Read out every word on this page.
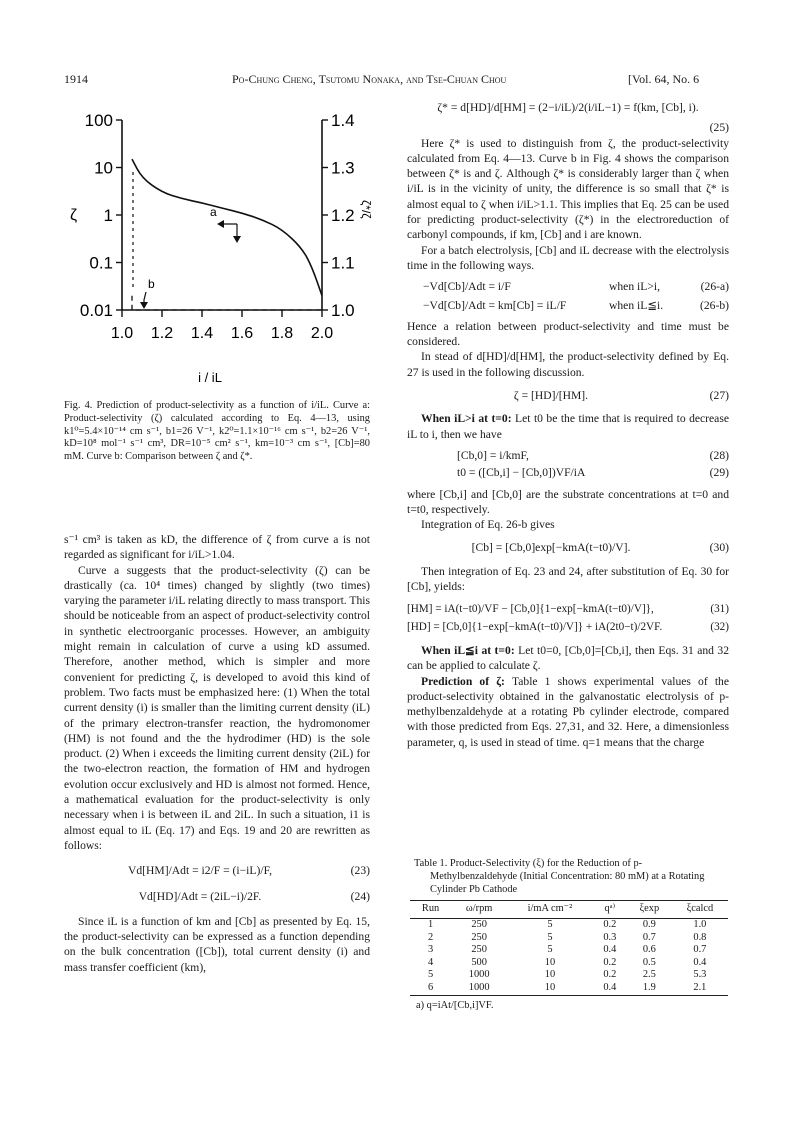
1914	Po-Chung Cheng, Tsutomu Nonaka, and Tse-Chuan Chou	[Vol. 64, No. 6
100
10
1
0.1
0.01
1.4
1.3
1.2
1.1
1.0
1.0 1.2 1.4 1.6 1.8 2.0
a
b
ζ	ζ*/ζ
i / iL
Fig. 4. Prediction of product-selectivity as a function of i/iL. Curve a: Product-selectivity (ζ) calculated according to Eq. 4—13, using k1⁰=5.4×10⁻¹⁴ cm s⁻¹, b1=26 V⁻¹, k2⁰=1.1×10⁻¹⁶ cm s⁻¹, b2=26 V⁻¹, kD=10⁸ mol⁻¹ s⁻¹ cm³, DR=10⁻⁵ cm² s⁻¹, km=10⁻³ cm s⁻¹, [Cb]=80 mM. Curve b: Comparison between ζ and ζ*.

s⁻¹ cm³ is taken as kD, the difference of ζ from curve a is not regarded as significant for i/iL>1.04.

Curve a suggests that the product-selectivity (ζ) can be drastically (ca. 10⁴ times) changed by slightly (two times) varying the parameter i/iL relating directly to mass transport. This should be noticeable from an aspect of product-selectivity control in synthetic electroorganic processes. However, an ambiguity might remain in calculation of curve a using kD assumed. Therefore, another method, which is simpler and more convenient for predicting ζ, is developed to avoid this kind of problem. Two facts must be emphasized here: (1) When the total current density (i) is smaller than the limiting current density (iL) of the primary electron-transfer reaction, the hydromonomer (HM) is not found and the the hydrodimer (HD) is the sole product. (2) When i exceeds the limiting current density (2iL) for the two-electron reaction, the formation of HM and hydrogen evolution occur exclusively and HD is almost not formed. Hence, a mathematical evaluation for the product-selectivity is only necessary when i is between iL and 2iL. In such a situation, i1 is almost equal to iL (Eq. 17) and Eqs. 19 and 20 are rewritten as follows:

Vd[HM]/Adt = i2/F = (i−iL)/F,	(23)
Vd[HD]/Adt = (2iL−i)/2F.	(24)

Since iL is a function of km and [Cb] as presented by Eq. 15, the product-selectivity can be expressed as a function depending on the bulk concentration ([Cb]), total current density (i) and mass transfer coefficient (km),

ζ* = d[HD]/d[HM] = (2−i/iL)/2(i/iL−1) = f(km, [Cb], i).
(25)

Here ζ* is used to distinguish from ζ, the product-selectivity calculated from Eq. 4—13. Curve b in Fig. 4 shows the comparison between ζ* is and ζ. Although ζ* is considerably larger than ζ when i/iL is in the vicinity of unity, the difference is so small that ζ* is almost equal to ζ when i/iL>1.1. This implies that Eq. 25 can be used for predicting product-selectivity (ζ*) in the electroreduction of carbonyl compounds, if km, [Cb] and i are known.

For a batch electrolysis, [Cb] and iL decrease with the electrolysis time in the following ways.

−Vd[Cb]/Adt = i/F	when iL>i,	(26-a)
−Vd[Cb]/Adt = km[Cb] = iL/F	when iL≦i.	(26-b)

Hence a relation between product-selectivity and time must be considered.

In stead of d[HD]/d[HM], the product-selectivity defined by Eq. 27 is used in the following discussion.

ζ = [HD]/[HM].	(27)

When iL>i at t=0: Let t0 be the time that is required to decrease iL to i, then we have

[Cb,0] = i/kmF,	(28)
t0 = ([Cb,i] − [Cb,0])VF/iA	(29)

where [Cb,i] and [Cb,0] are the substrate concentrations at t=0 and t=t0, respectively.

Integration of Eq. 26-b gives

[Cb] = [Cb,0]exp[−kmA(t−t0)/V].	(30)

Then integration of Eq. 23 and 24, after substitution of Eq. 30 for [Cb], yields:

[HM] = iA(t−t0)/VF − [Cb,0]{1−exp[−kmA(t−t0)/V]},	(31)
[HD] = [Cb,0]{1−exp[−kmA(t−t0)/V]} + iA(2t0−t)/2VF.	(32)

When iL≦i at t=0: Let t0=0, [Cb,0]=[Cb,i], then Eqs. 31 and 32 can be applied to calculate ζ.

Prediction of ζ: Table 1 shows experimental values of the product-selectivity obtained in the galvanostatic electrolysis of p-methylbenzaldehyde at a rotating Pb cylinder electrode, compared with those predicted from Eqs. 27,31, and 32. Here, a dimensionless parameter, q, is used in stead of time. q=1 means that the charge

Table 1. Product-Selectivity (ξ) for the Reduction of p-Methylbenzaldehyde (Initial Concentration: 80 mM) at a Rotating Cylinder Pb Cathode
Run	ω/rpm	i/mA cm⁻²	qᵃ⁾	ξexp	ξcalcd
1	250	5	0.2	0.9	1.0
2	250	5	0.3	0.7	0.8
3	250	5	0.4	0.6	0.7
4	500	10	0.2	0.5	0.4
5	1000	10	0.2	2.5	5.3
6	1000	10	0.4	1.9	2.1
a) q=iAt/[Cb,i]VF.
